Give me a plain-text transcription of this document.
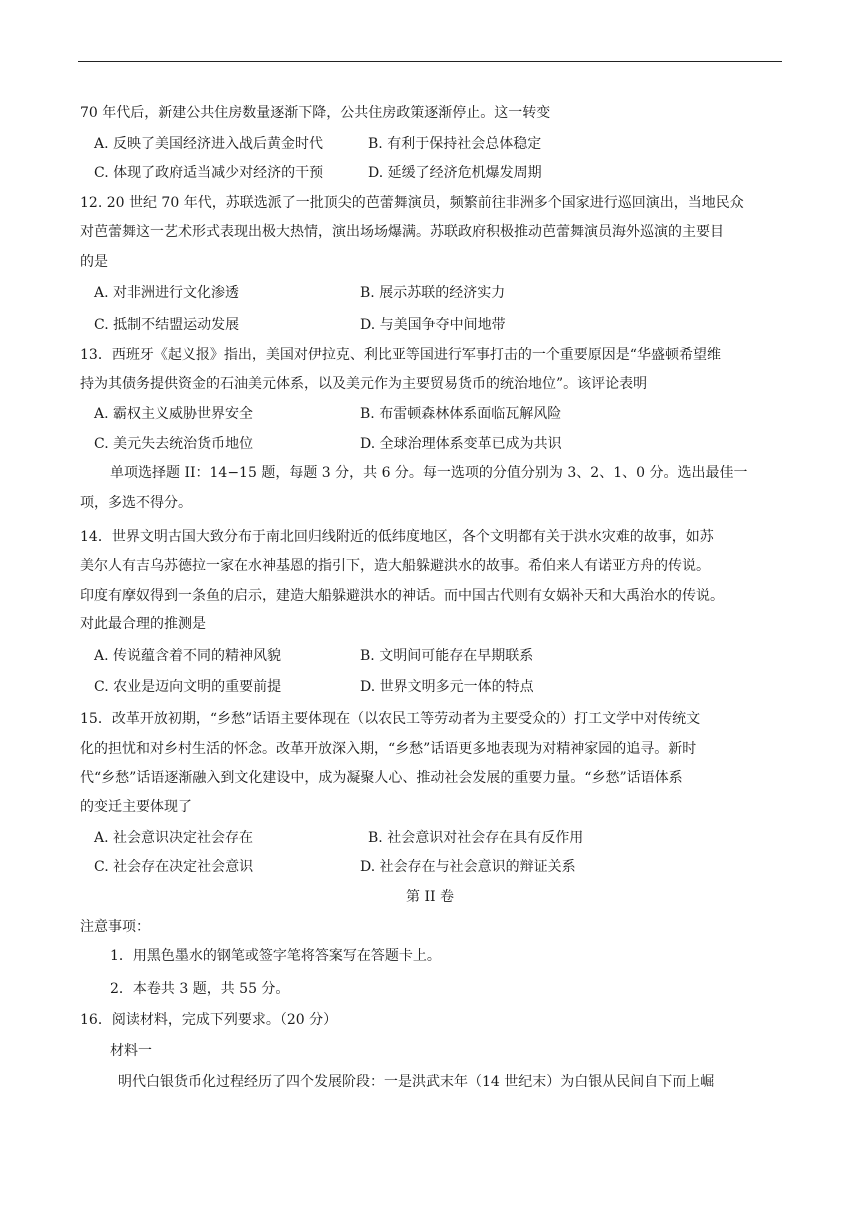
70 年代后，新建公共住房数量逐渐下降，公共住房政策逐渐停止。这一转变
A. 反映了美国经济进入战后黄金时代	B. 有利于保持社会总体稳定
C. 体现了政府适当减少对经济的干预	D. 延缓了经济危机爆发周期
12. 20 世纪 70 年代，苏联选派了一批顶尖的芭蕾舞演员，频繁前往非洲多个国家进行巡回演出，当地民众
对芭蕾舞这一艺术形式表现出极大热情，演出场场爆满。苏联政府积极推动芭蕾舞演员海外巡演的主要目
的是
A. 对非洲进行文化渗透	B. 展示苏联的经济实力
C. 抵制不结盟运动发展	D. 与美国争夺中间地带
13．西班牙《起义报》指出，美国对伊拉克、利比亚等国进行军事打击的一个重要原因是“华盛顿希望维
持为其债务提供资金的石油美元体系，以及美元作为主要贸易货币的统治地位”。该评论表明
A. 霸权主义威胁世界安全	B. 布雷顿森林体系面临瓦解风险
C. 美元失去统治货币地位	D. 全球治理体系变革已成为共识
单项选择题 II：14−15 题，每题 3 分，共 6 分。每一选项的分值分别为 3、2、1、0 分。选出最佳一
项，多选不得分。
14．世界文明古国大致分布于南北回归线附近的低纬度地区，各个文明都有关于洪水灾难的故事，如苏
美尔人有吉乌苏德拉一家在水神基恩的指引下，造大船躲避洪水的故事。希伯来人有诺亚方舟的传说。
印度有摩奴得到一条鱼的启示，建造大船躲避洪水的神话。而中国古代则有女娲补天和大禹治水的传说。
对此最合理的推测是
A. 传说蕴含着不同的精神风貌	B. 文明间可能存在早期联系
C. 农业是迈向文明的重要前提	D. 世界文明多元一体的特点
15．改革开放初期，“乡愁”话语主要体现在（以农民工等劳动者为主要受众的）打工文学中对传统文
化的担忧和对乡村生活的怀念。改革开放深入期，“乡愁”话语更多地表现为对精神家园的追寻。新时
代“乡愁”话语逐渐融入到文化建设中，成为凝聚人心、推动社会发展的重要力量。“乡愁”话语体系
的变迁主要体现了
A. 社会意识决定社会存在	B. 社会意识对社会存在具有反作用
C. 社会存在决定社会意识	D. 社会存在与社会意识的辩证关系
第 II 卷
注意事项：
1．用黑色墨水的钢笔或签字笔将答案写在答题卡上。
2．本卷共 3 题，共 55 分。
16．阅读材料，完成下列要求。（20 分）
材料一
明代白银货币化过程经历了四个发展阶段：一是洪武末年（14 世纪末）为白银从民间自下而上崛
